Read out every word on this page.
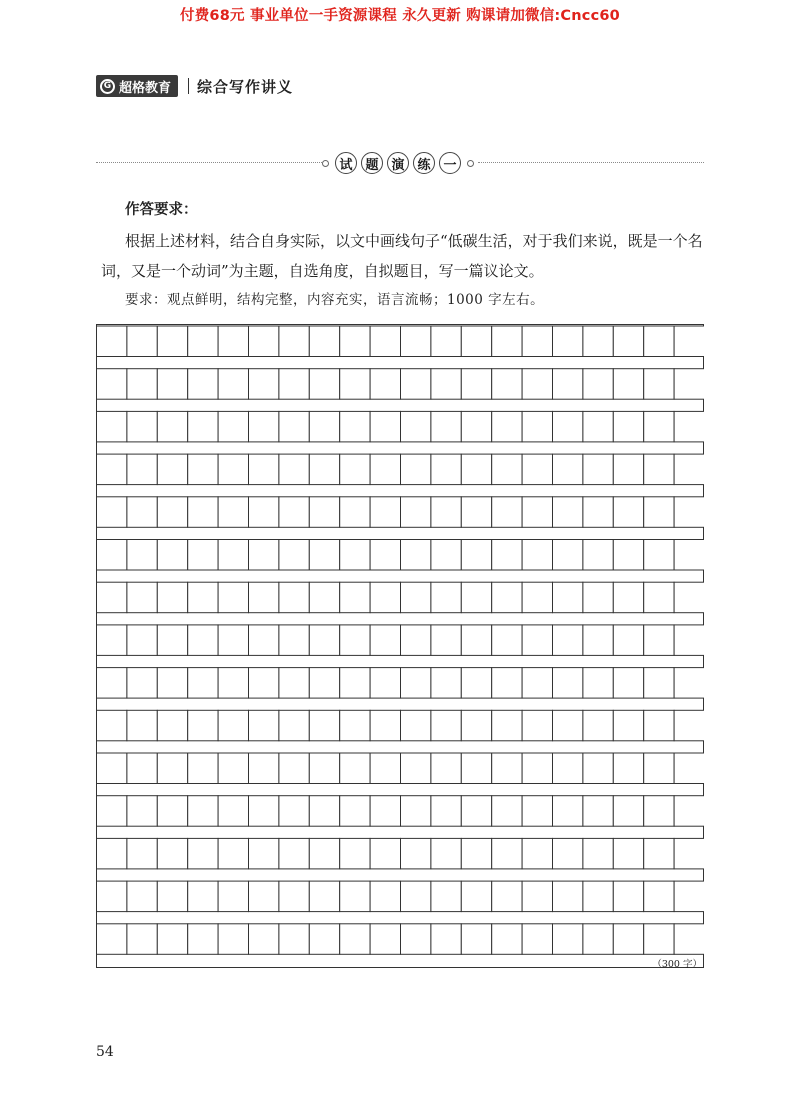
付费68元 事业单位一手资源课程 永久更新 购课请加微信:Cncc60
G 超格教育 综合写作讲义
试 题 演 练 一
作答要求：
根据上述材料，结合自身实际，以文中画线句子“低碳生活，对于我们来说，既是一个名词，又是一个动词”为主题，自选角度，自拟题目，写一篇议论文。
要求：观点鲜明，结构完整，内容充实，语言流畅；1000 字左右。
（300 字）
54
